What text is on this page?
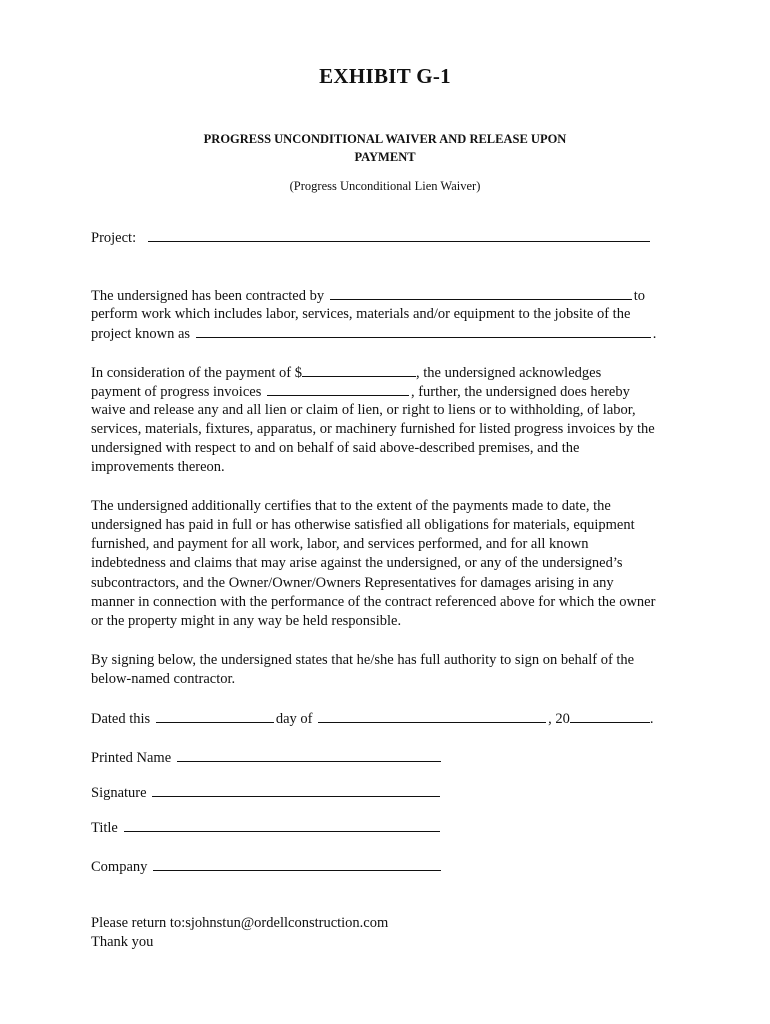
EXHIBIT G-1
PROGRESS UNCONDITIONAL WAIVER AND RELEASE UPON
PAYMENT
(Progress Unconditional Lien Waiver)
Project:
The undersigned has been contracted by	to
perform work which includes labor, services, materials and/or equipment to the jobsite of the
project known as	.
In consideration of the payment of $	, the undersigned acknowledges
payment of progress invoices	, further, the undersigned does hereby
waive and release any and all lien or claim of lien, or right to liens or to withholding, of labor,
services, materials, fixtures, apparatus, or machinery furnished for listed progress invoices by the
undersigned with respect to and on behalf of said above-described premises, and the
improvements thereon.
The undersigned additionally certifies that to the extent of the payments made to date, the
undersigned has paid in full or has otherwise satisfied all obligations for materials, equipment
furnished, and payment for all work, labor, and services performed, and for all known
indebtedness and claims that may arise against the undersigned, or any of the undersigned’s
subcontractors, and the Owner/Owner/Owners Representatives for damages arising in any
manner in connection with the performance of the contract referenced above for which the owner
or the property might in any way be held responsible.
By signing below, the undersigned states that he/she has full authority to sign on behalf of the
below-named contractor.
Dated this	day of	, 20	.
Printed Name
Signature
Title
Company
Please return to:sjohnstun@ordellconstruction.com
Thank you
